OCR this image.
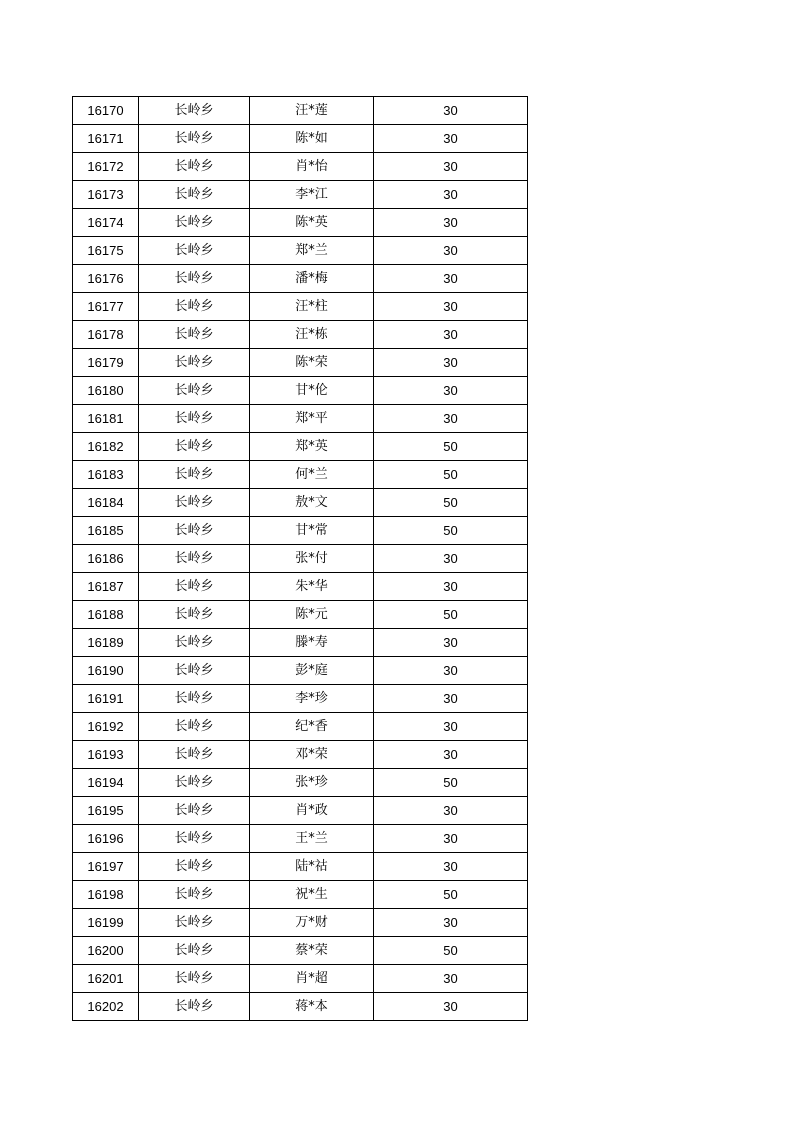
16170	长岭乡	汪*莲	30
16171	长岭乡	陈*如	30
16172	长岭乡	肖*怡	30
16173	长岭乡	李*江	30
16174	长岭乡	陈*英	30
16175	长岭乡	郑*兰	30
16176	长岭乡	潘*梅	30
16177	长岭乡	汪*柱	30
16178	长岭乡	汪*栋	30
16179	长岭乡	陈*荣	30
16180	长岭乡	甘*伦	30
16181	长岭乡	郑*平	30
16182	长岭乡	郑*英	50
16183	长岭乡	何*兰	50
16184	长岭乡	敖*文	50
16185	长岭乡	甘*常	50
16186	长岭乡	张*付	30
16187	长岭乡	朱*华	30
16188	长岭乡	陈*元	50
16189	长岭乡	滕*寿	30
16190	长岭乡	彭*庭	30
16191	长岭乡	李*珍	30
16192	长岭乡	纪*香	30
16193	长岭乡	邓*荣	30
16194	长岭乡	张*珍	50
16195	长岭乡	肖*政	30
16196	长岭乡	王*兰	30
16197	长岭乡	陆*祜	30
16198	长岭乡	祝*生	50
16199	长岭乡	万*财	30
16200	长岭乡	蔡*荣	50
16201	长岭乡	肖*超	30
16202	长岭乡	蒋*本	30
